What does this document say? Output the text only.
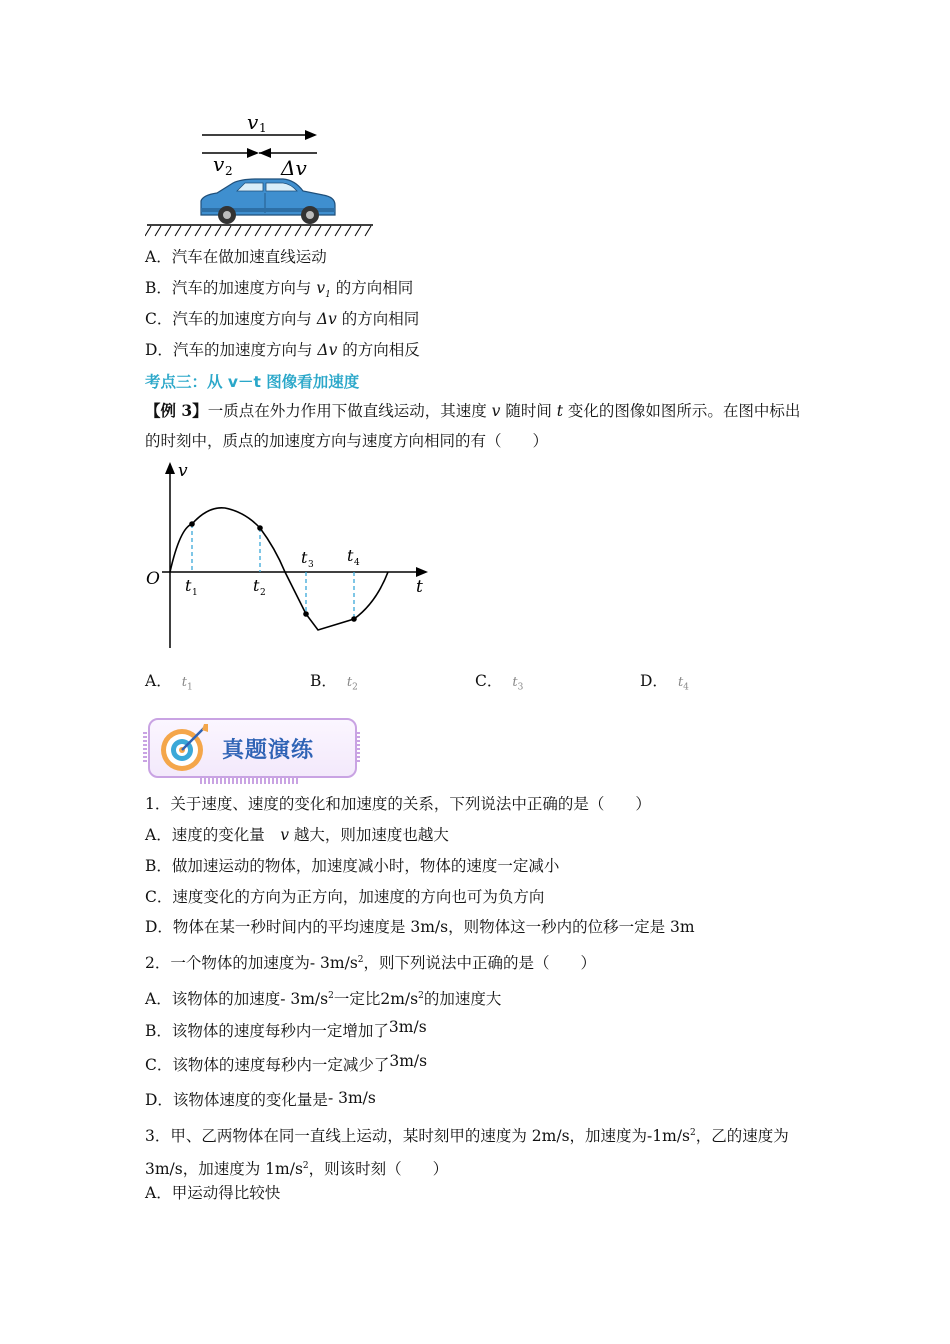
v 1
v 2 Δv
A．汽车在做加速直线运动
B．汽车的加速度方向与 $v_1$ 的方向相同
C．汽车的加速度方向与 Δv 的方向相同
D．汽车的加速度方向与 Δv 的方向相反
考点三：从 v－t 图像看加速度
【例 3】一质点在外力作用下做直线运动，其速度 v 随时间 t 变化的图像如图所示。在图中标出的时刻中，质点的加速度方向与速度方向相同的有（　　）
v
t
O t 1	t 2
t 3 t 4
A． $t_1$	B． $t_2$	C． $t_3$	D． $t_4$
真题演练
1．关于速度、速度的变化和加速度的关系，下列说法中正确的是（　　）
A．速度的变化量　v 越大，则加速度也越大
B．做加速运动的物体，加速度减小时，物体的速度一定减小
C．速度变化的方向为正方向，加速度的方向也可为负方向
D．物体在某一秒时间内的平均速度是 3m/s，则物体这一秒内的位移一定是 3m
2．一个物体的加速度为- $3m/s^2$，则下列说法中正确的是（　　）
A．该物体的加速度- $3m/s^2$一定比$2m/s^2$的加速度大
B．该物体的速度每秒内一定增加了3m/s
C．该物体的速度每秒内一定减少了3m/s
D．该物体速度的变化量是- 3m/s
3．甲、乙两物体在同一直线上运动，某时刻甲的速度为 2m/s，加速度为$-1m/s^2$，乙的速度为 3m/s，加速度为 $1m/s^2$，则该时刻（　　）
A．甲运动得比较快
